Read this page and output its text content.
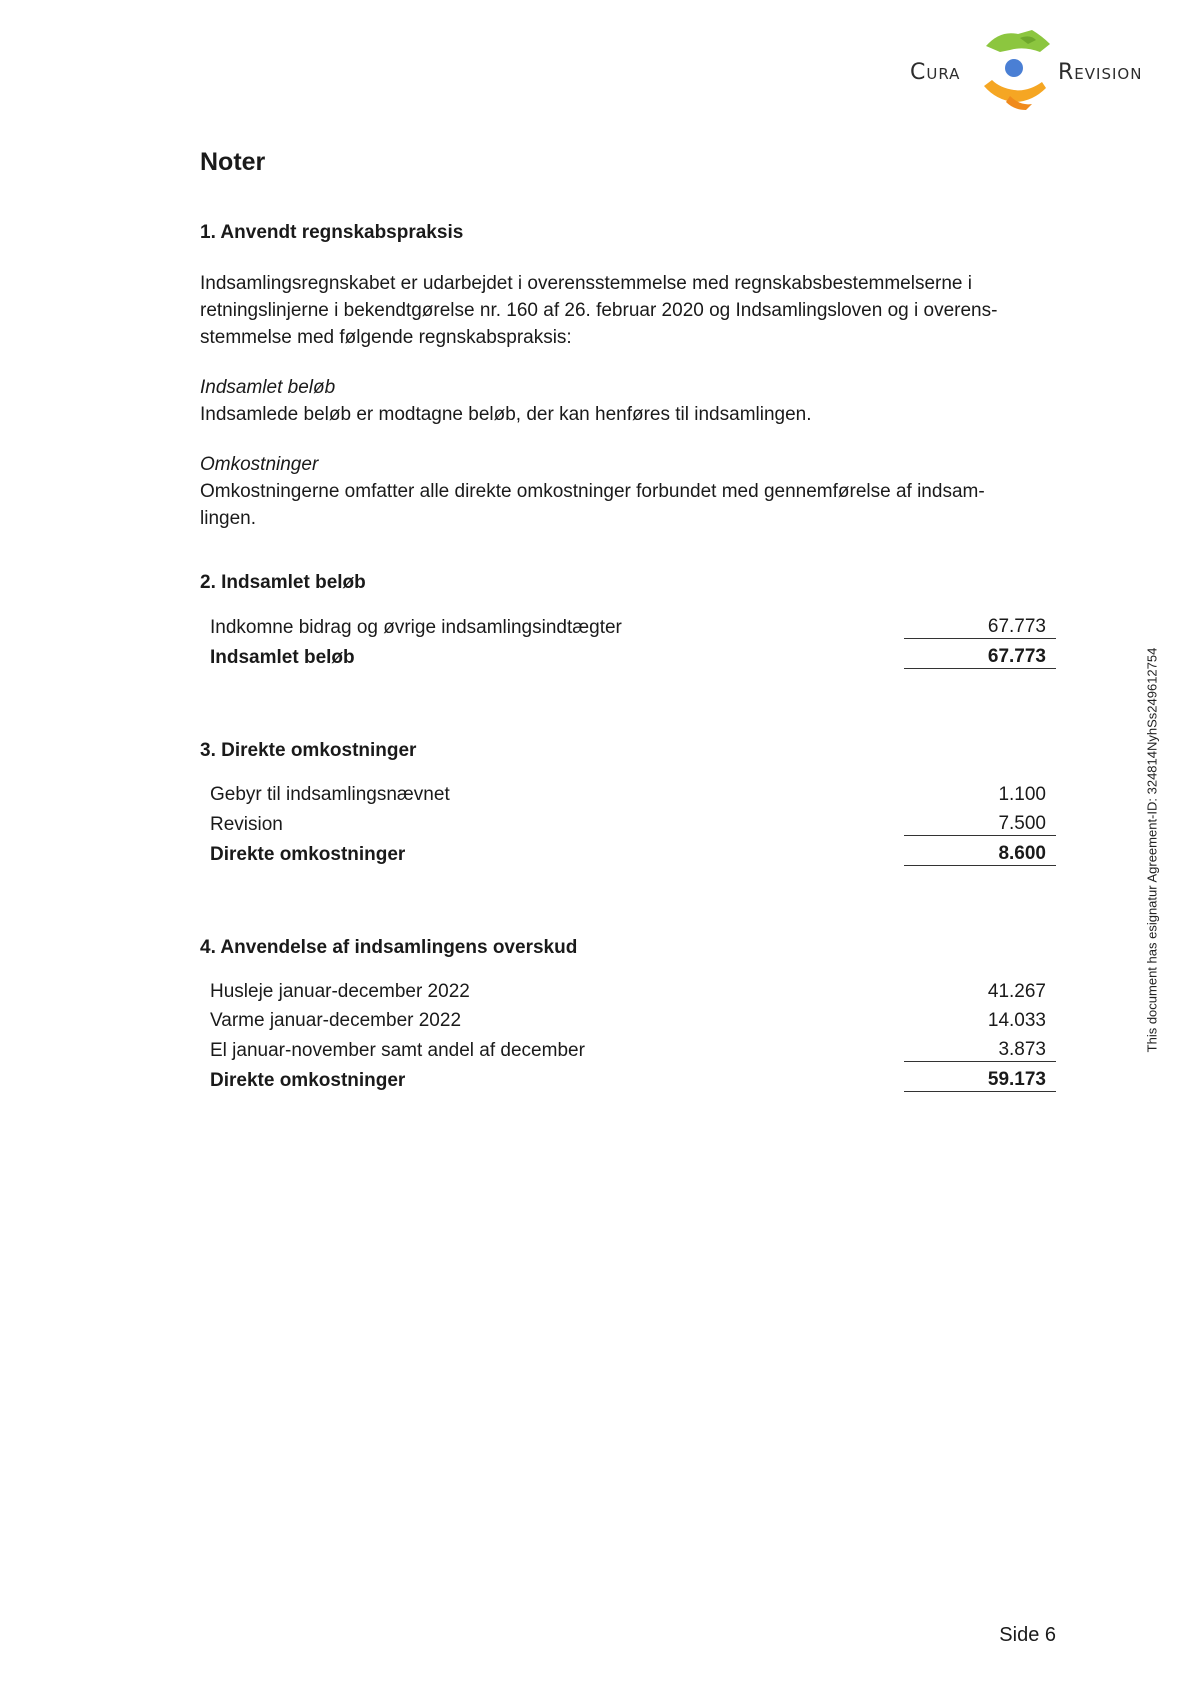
Cura	Revision
Noter

1. Anvendt regnskabspraksis

Indsamlingsregnskabet er udarbejdet i overensstemmelse med regnskabsbestemmelserne i

retningslinjerne i bekendtgørelse nr. 160 af 26. februar 2020 og Indsamlingsloven og i overens-

stemmelse med følgende regnskabspraksis:

Indsamlet beløb

Indsamlede beløb er modtagne beløb, der kan henføres til indsamlingen.

Omkostninger

Omkostningerne omfatter alle direkte omkostninger forbundet med gennemførelse af indsam-

lingen.

2. Indsamlet beløb

Indkomne bidrag og øvrige indsamlingsindtægter	67.773
Indsamlet beløb	67.773

3. Direkte omkostninger

Gebyr til indsamlingsnævnet	1.100
Revision	7.500
Direkte omkostninger	8.600

4. Anvendelse af indsamlingens overskud

Husleje januar-december 2022	41.267
Varme januar-december 2022	14.033
El januar-november samt andel af december	3.873
Direkte omkostninger	59.173
This document has esignatur Agreement-ID: 324814NyhSs249612754
Side 6
